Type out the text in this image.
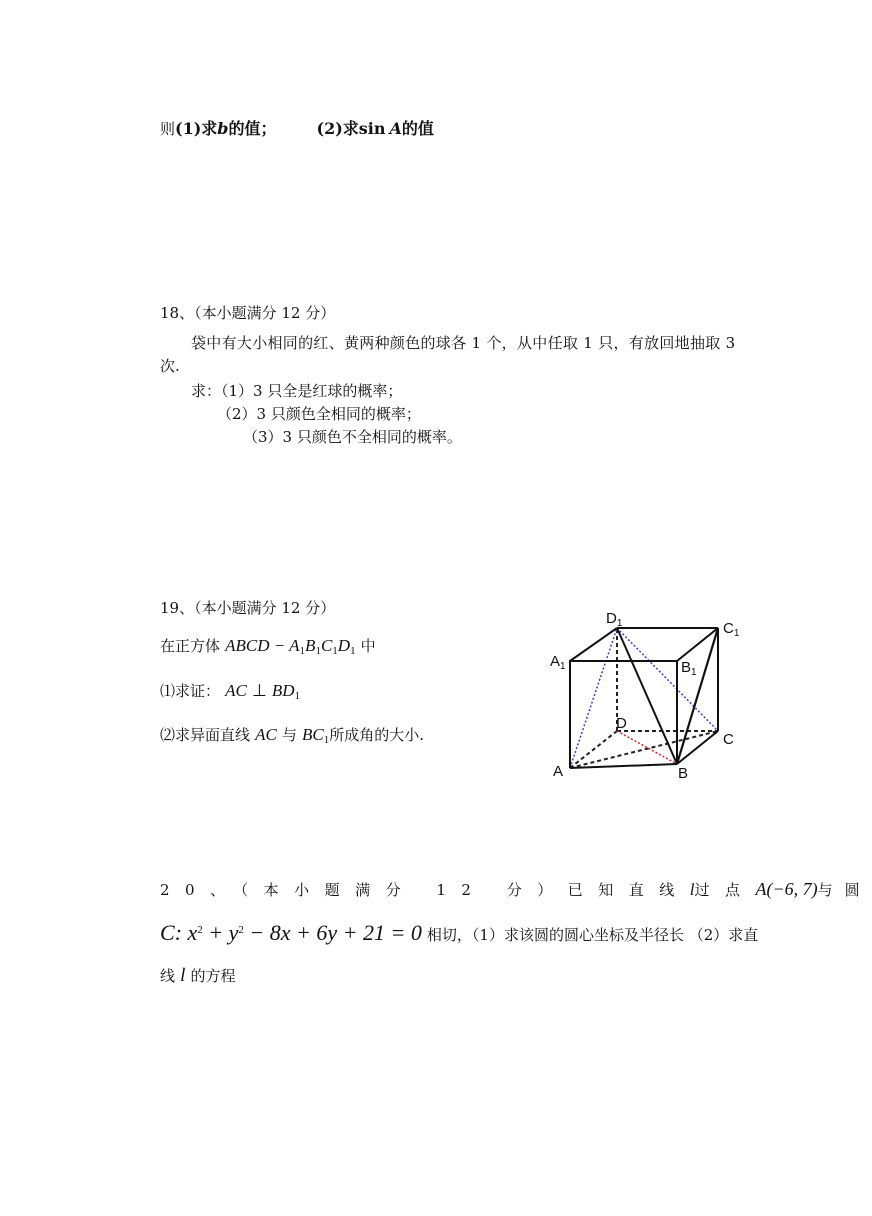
则(1)求b的值；	(2)求sin A的值
18、（本小题满分 12 分）
袋中有大小相同的红、黄两种颜色的球各 1 个，从中任取 1 只，有放回地抽取 3
次.
求：（1）3 只全是红球的概率；
（2）3 只颜色全相同的概率；
（3）3 只颜色不全相同的概率。
19、（本小题满分 12 分）
在正方体 ABCD − $A_1B_1C_1D_1$ 中
⑴求证： AC ⊥ $BD_1$
⑵求异面直线 AC 与 $BC_1$所成角的大小.
$D_1$	$C_1$
$A_1$	$B_1$
D
C
A	B
20、（本小题满分 12 分）已知直线 l 过点 A(−6, 7) 与圆
C: $x^2 + y^2 - 8x + 6y + 21 = 0$ 相切，（1）求该圆的圆心坐标及半径长 （2）求直
线 l 的方程
